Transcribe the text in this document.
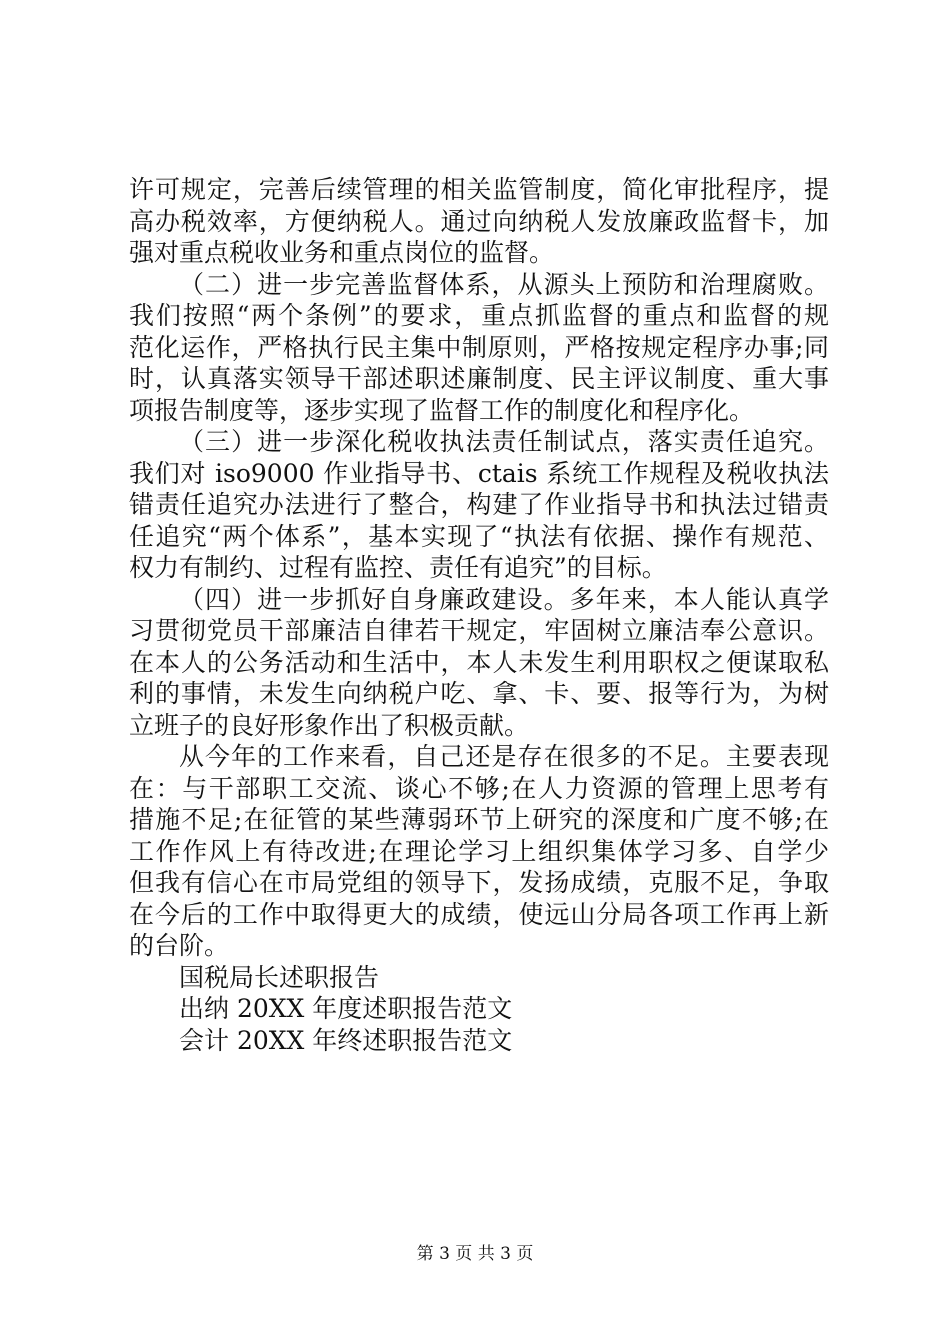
许可规定，完善后续管理的相关监管制度，简化审批程序，提
高办税效率，方便纳税人。通过向纳税人发放廉政监督卡，加
强对重点税收业务和重点岗位的监督。
（二）进一步完善监督体系，从源头上预防和治理腐败。
我们按照“两个条例”的要求，重点抓监督的重点和监督的规
范化运作，严格执行民主集中制原则，严格按规定程序办事;同
时，认真落实领导干部述职述廉制度、民主评议制度、重大事
项报告制度等，逐步实现了监督工作的制度化和程序化。
（三）进一步深化税收执法责任制试点，落实责任追究。
我们对 iso9000 作业指导书、ctais 系统工作规程及税收执法
错责任追究办法进行了整合，构建了作业指导书和执法过错责
任追究“两个体系”，基本实现了“执法有依据、操作有规范、
权力有制约、过程有监控、责任有追究”的目标。
（四）进一步抓好自身廉政建设。多年来，本人能认真学
习贯彻党员干部廉洁自律若干规定，牢固树立廉洁奉公意识。
在本人的公务活动和生活中，本人未发生利用职权之便谋取私
利的事情，未发生向纳税户吃、拿、卡、要、报等行为，为树
立班子的良好形象作出了积极贡献。
从今年的工作来看，自己还是存在很多的不足。主要表现
在：与干部职工交流、谈心不够;在人力资源的管理上思考有
措施不足;在征管的某些薄弱环节上研究的深度和广度不够;在
工作作风上有待改进;在理论学习上组织集体学习多、自学少
但我有信心在市局党组的领导下，发扬成绩，克服不足，争取
在今后的工作中取得更大的成绩，使远山分局各项工作再上新
的台阶。
国税局长述职报告
出纳 20XX 年度述职报告范文
会计 20XX 年终述职报告范文
第 3 页 共 3 页
